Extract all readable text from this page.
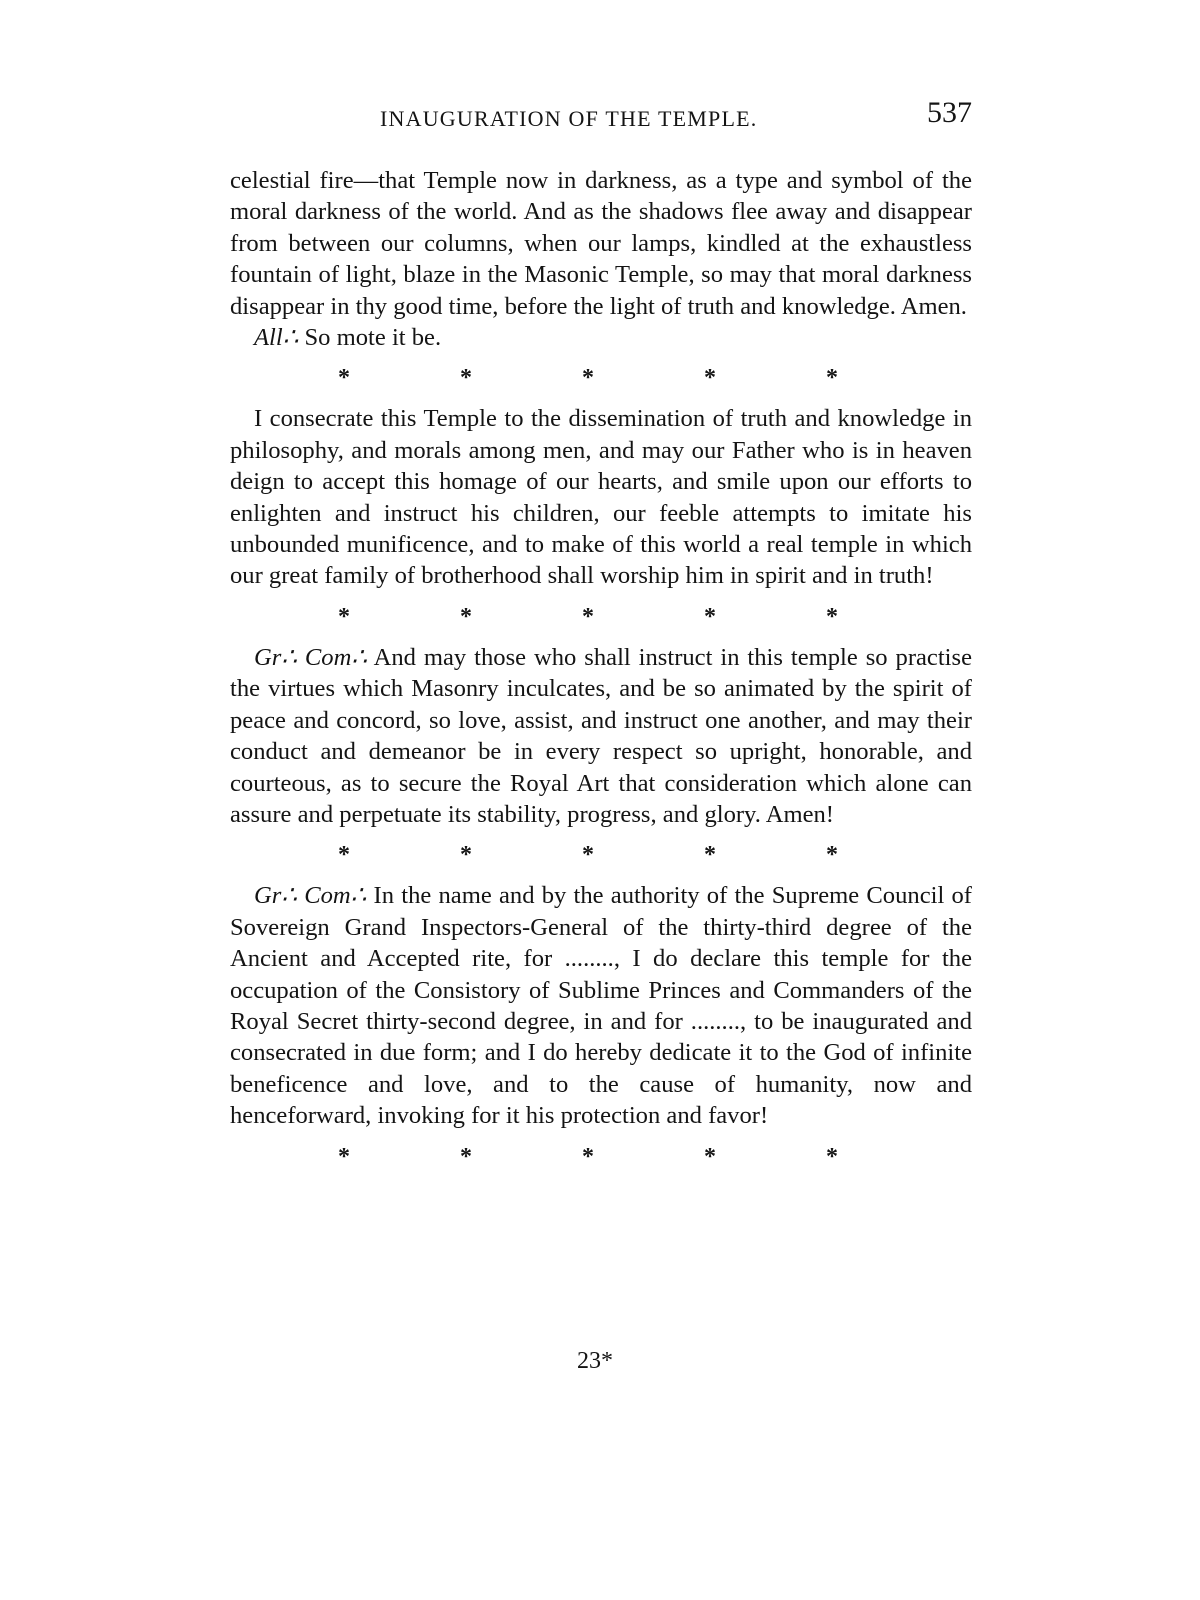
INAUGURATION OF THE TEMPLE.	537

celestial fire—that Temple now in darkness, as a type and symbol of the moral darkness of the world. And as the shadows flee away and disappear from between our columns, when our lamps, kindled at the exhaustless fountain of light, blaze in the Masonic Temple, so may that moral darkness disappear in thy good time, before the light of truth and knowledge. Amen.

All∴ So mote it be.

*	*	*	*	*

I consecrate this Temple to the dissemination of truth and knowledge in philosophy, and morals among men, and may our Father who is in heaven deign to accept this homage of our hearts, and smile upon our efforts to enlighten and instruct his children, our feeble attempts to imitate his unbounded munificence, and to make of this world a real temple in which our great family of brotherhood shall worship him in spirit and in truth!

*	*	*	*	*

Gr∴ Com∴ And may those who shall instruct in this temple so practise the virtues which Masonry inculcates, and be so animated by the spirit of peace and concord, so love, assist, and instruct one another, and may their conduct and demeanor be in every respect so upright, honorable, and courteous, as to secure the Royal Art that consideration which alone can assure and perpetuate its stability, progress, and glory. Amen!

*	*	*	*	*

Gr∴ Com∴ In the name and by the authority of the Supreme Council of Sovereign Grand Inspectors-General of the thirty-third degree of the Ancient and Accepted rite, for ........, I do declare this temple for the occupation of the Consistory of Sublime Princes and Commanders of the Royal Secret thirty-second degree, in and for ........, to be inaugurated and consecrated in due form; and I do hereby dedicate it to the God of infinite beneficence and love, and to the cause of humanity, now and henceforward, invoking for it his protection and favor!

*	*	*	*	*
23*
